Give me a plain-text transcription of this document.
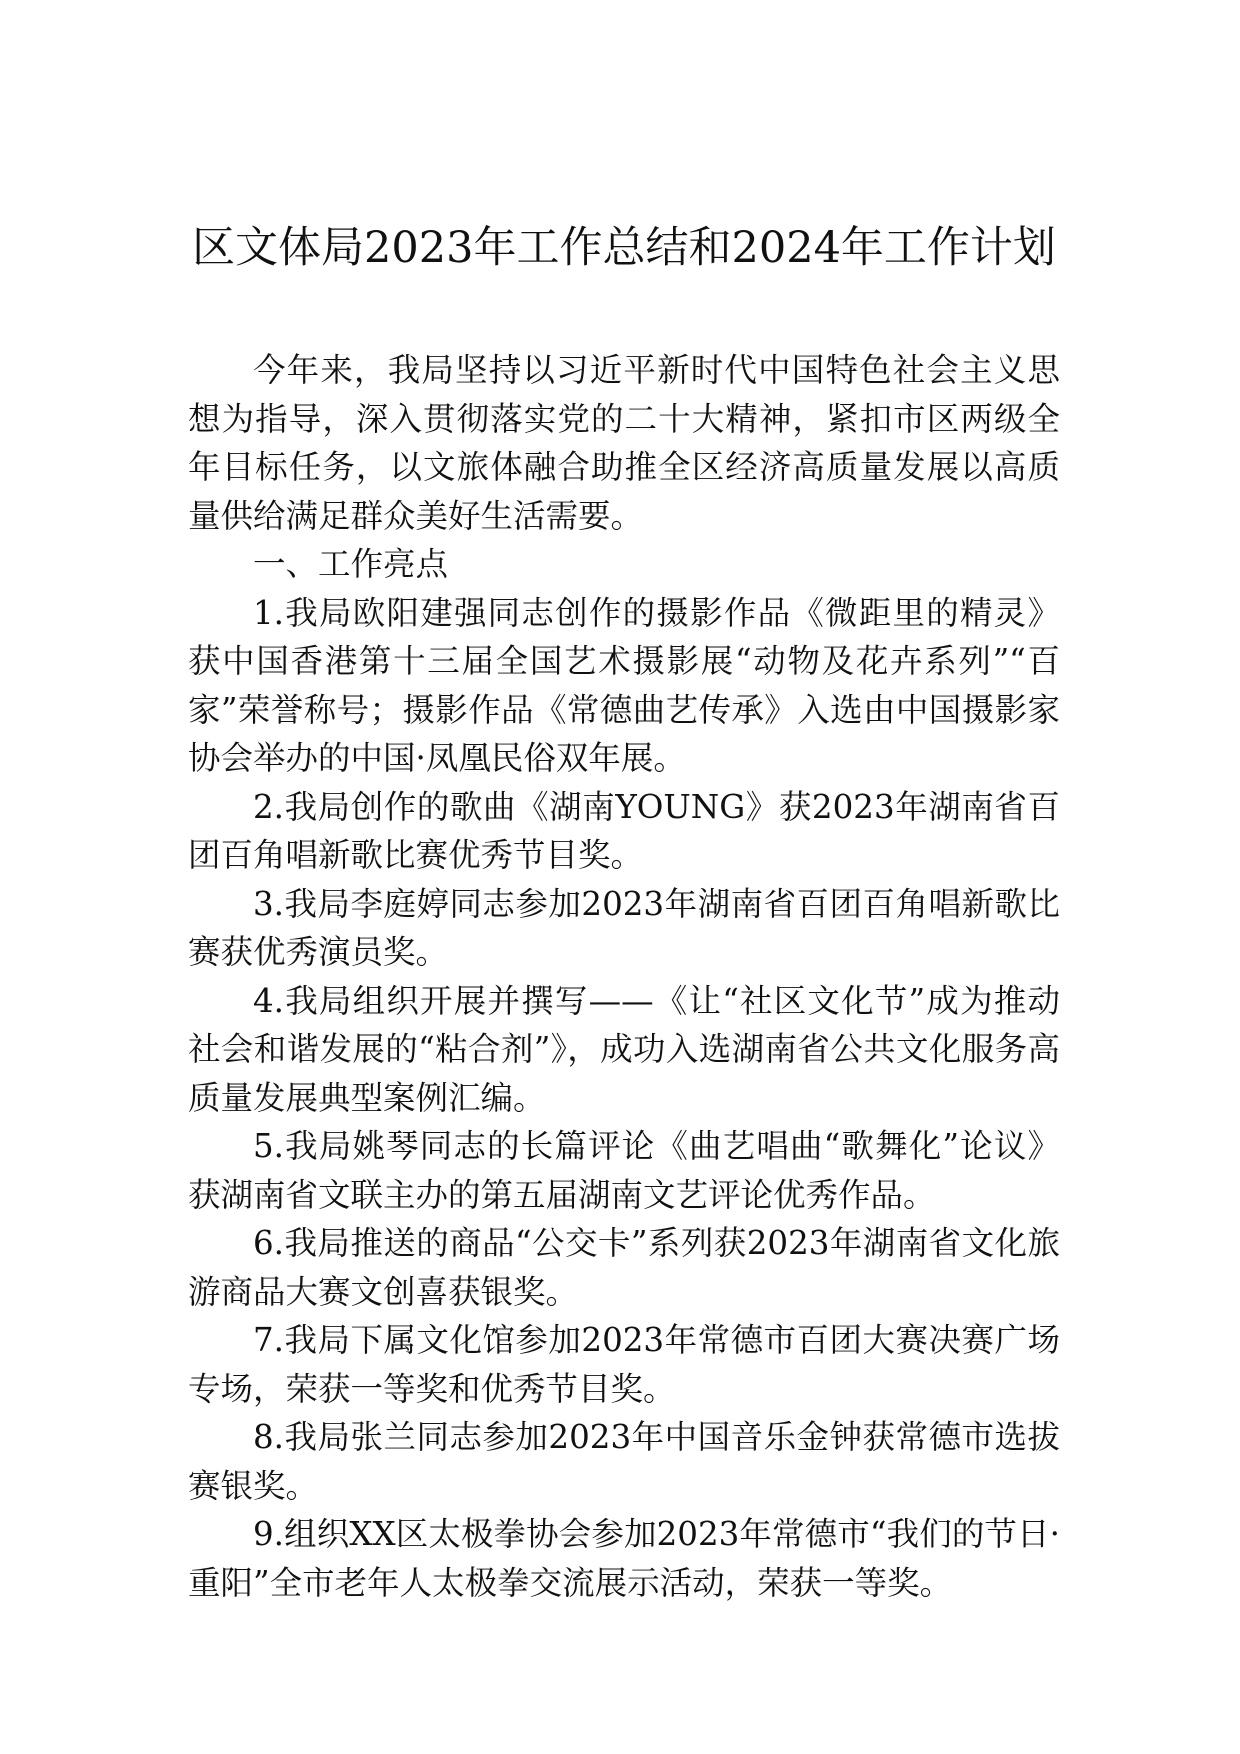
区文体局2023年工作总结和2024年工作计划

今年来，我局坚持以习近平新时代中国特色社会主义思想为指导，深入贯彻落实党的二十大精神，紧扣市区两级全年目标任务，以文旅体融合助推全区经济高质量发展以高质量供给满足群众美好生活需要。

一、工作亮点

1.我局欧阳建强同志创作的摄影作品《微距里的精灵》获中国香港第十三届全国艺术摄影展“动物及花卉系列”“百家”荣誉称号；摄影作品《常德曲艺传承》入选由中国摄影家协会举办的中国·凤凰民俗双年展。

2.我局创作的歌曲《湖南YOUNG》获2023年湖南省百团百角唱新歌比赛优秀节目奖。

3.我局李庭婷同志参加2023年湖南省百团百角唱新歌比赛获优秀演员奖。

4.我局组织开展并撰写——《让“社区文化节”成为推动社会和谐发展的“粘合剂”》，成功入选湖南省公共文化服务高质量发展典型案例汇编。

5.我局姚琴同志的长篇评论《曲艺唱曲“歌舞化”论议》获湖南省文联主办的第五届湖南文艺评论优秀作品。

6.我局推送的商品“公交卡”系列获2023年湖南省文化旅游商品大赛文创喜获银奖。

7.我局下属文化馆参加2023年常德市百团大赛决赛广场专场，荣获一等奖和优秀节目奖。

8.我局张兰同志参加2023年中国音乐金钟获常德市选拔赛银奖。

9.组织XX区太极拳协会参加2023年常德市“我们的节日·重阳”全市老年人太极拳交流展示活动，荣获一等奖。
